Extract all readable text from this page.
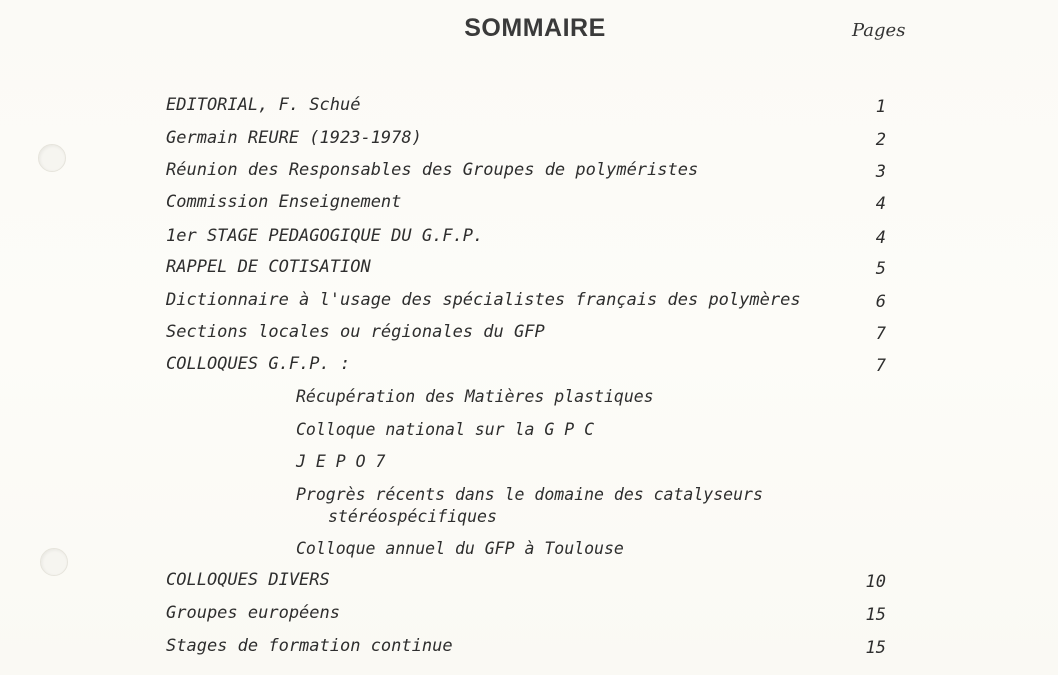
SOMMAIRE	Pages
EDITORIAL, F. Schué	1
Germain REURE (1923-1978)	2
Réunion des Responsables des Groupes de polyméristes	3
Commission Enseignement	4
1er STAGE PEDAGOGIQUE DU G.F.P.	4
RAPPEL DE COTISATION	5
Dictionnaire à l'usage des spécialistes français des polymères	6
Sections locales ou régionales du GFP	7
COLLOQUES G.F.P. :	7
Récupération des Matières plastiques
Colloque national sur la G P C
J E P O 7
Progrès récents dans le domaine des catalyseurs
stéréospécifiques
Colloque annuel du GFP à Toulouse
COLLOQUES DIVERS	10
Groupes européens	15
Stages de formation continue	15
